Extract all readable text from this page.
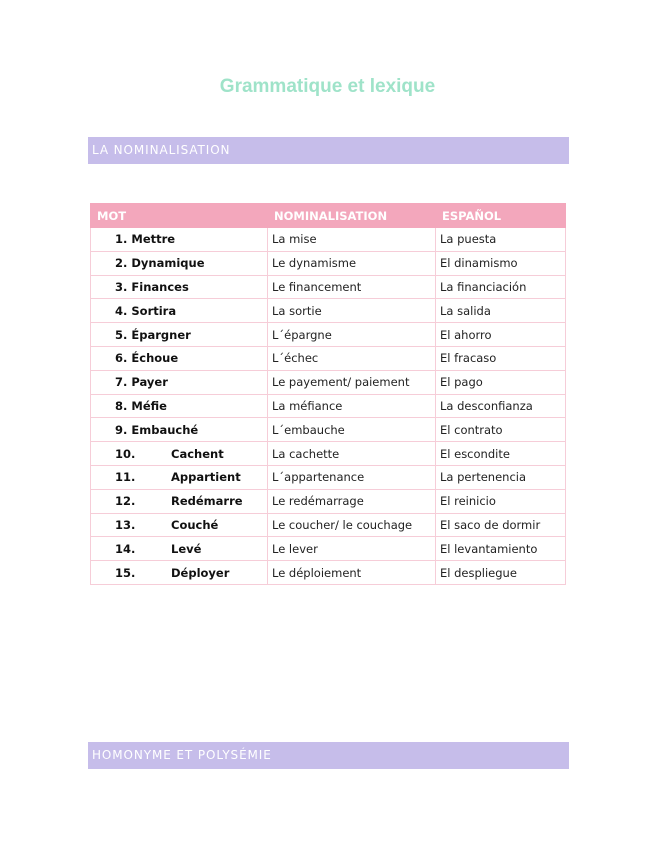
Grammatique et lexique
LA NOMINALISATION
MOT	NOMINALISATION	ESPAÑOL
1. Mettre	La mise	La puesta
2. Dynamique	Le dynamisme	El dinamismo
3. Finances	Le financement	La financiación
4. Sortira	La sortie	La salida
5. Épargner	L´épargne	El ahorro
6. Échoue	L´échec	El fracaso
7. Payer	Le payement/ paiement	El pago
8. Méfie	La méfiance	La desconfianza
9. Embauché	L´embauche	El contrato
10. Cachent	La cachette	El escondite
11. Appartient	L´appartenance	La pertenencia
12. Redémarre	Le redémarrage	El reinicio
13. Couché	Le coucher/ le couchage	El saco de dormir
14. Levé	Le lever	El levantamiento
15. Déployer	Le déploiement	El despliegue
HOMONYME ET POLYSÉMIE
